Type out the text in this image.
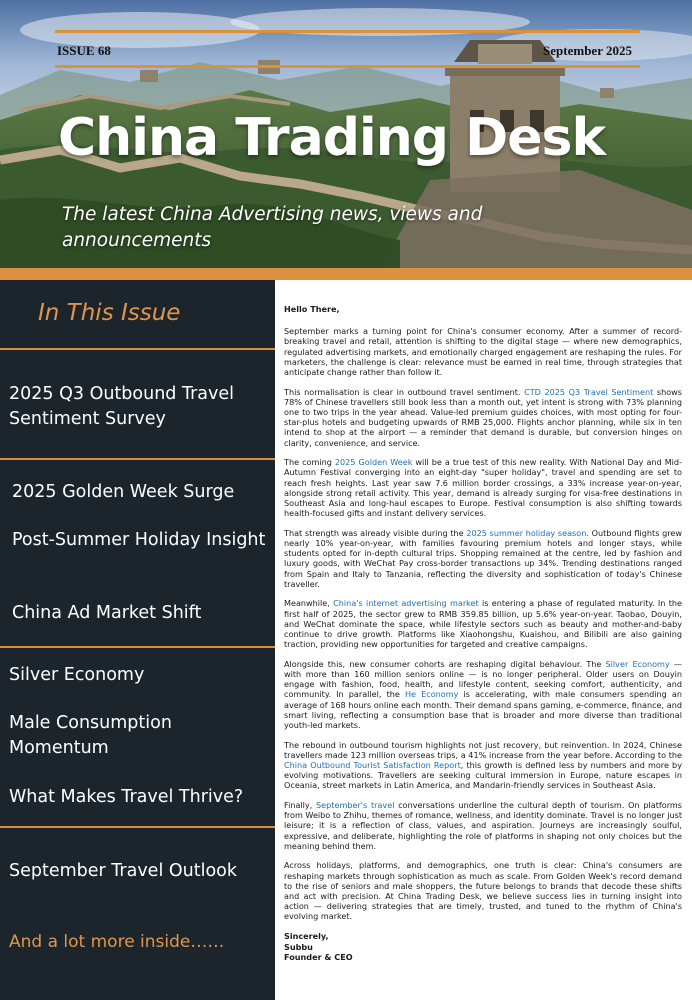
ISSUE 68	September 2025
China Trading Desk
The latest China Advertising news, views and announcements
In This Issue
2025 Q3 Outbound Travel Sentiment Survey
2025 Golden Week Surge
Post-Summer Holiday Insight
China Ad Market Shift
Silver Economy
Male Consumption Momentum
What Makes Travel Thrive?
September Travel Outlook
And a lot more inside……

Hello There,

September marks a turning point for China's consumer economy. After a summer of record-breaking travel and retail, attention is shifting to the digital stage — where new demographics, regulated advertising markets, and emotionally charged engagement are reshaping the rules. For marketers, the challenge is clear: relevance must be earned in real time, through strategies that anticipate change rather than follow it.

This normalisation is clear in outbound travel sentiment. CTD 2025 Q3 Travel Sentiment shows 78% of Chinese travellers still book less than a month out, yet intent is strong with 73% planning one to two trips in the year ahead. Value-led premium guides choices, with most opting for four-star-plus hotels and budgeting upwards of RMB 25,000. Flights anchor planning, while six in ten intend to shop at the airport — a reminder that demand is durable, but conversion hinges on clarity, convenience, and service.

The coming 2025 Golden Week will be a true test of this new reality. With National Day and Mid-Autumn Festival converging into an eight-day "super holiday", travel and spending are set to reach fresh heights. Last year saw 7.6 million border crossings, a 33% increase year-on-year, alongside strong retail activity. This year, demand is already surging for visa-free destinations in Southeast Asia and long-haul escapes to Europe. Festival consumption is also shifting towards health-focused gifts and instant delivery services.

That strength was already visible during the 2025 summer holiday season. Outbound flights grew nearly 10% year-on-year, with families favouring premium hotels and longer stays, while students opted for in-depth cultural trips. Shopping remained at the centre, led by fashion and luxury goods, with WeChat Pay cross-border transactions up 34%. Trending destinations ranged from Spain and Italy to Tanzania, reflecting the diversity and sophistication of today's Chinese traveller.

Meanwhile, China's internet advertising market is entering a phase of regulated maturity. In the first half of 2025, the sector grew to RMB 359.85 billion, up 5.6% year-on-year. Taobao, Douyin, and WeChat dominate the space, while lifestyle sectors such as beauty and mother-and-baby continue to drive growth. Platforms like Xiaohongshu, Kuaishou, and Bilibili are also gaining traction, providing new opportunities for targeted and creative campaigns.

Alongside this, new consumer cohorts are reshaping digital behaviour. The Silver Economy — with more than 160 million seniors online — is no longer peripheral. Older users on Douyin engage with fashion, food, health, and lifestyle content, seeking comfort, authenticity, and community. In parallel, the He Economy is accelerating, with male consumers spending an average of 168 hours online each month. Their demand spans gaming, e-commerce, finance, and smart living, reflecting a consumption base that is broader and more diverse than traditional youth-led markets.

The rebound in outbound tourism highlights not just recovery, but reinvention. In 2024, Chinese travellers made 123 million overseas trips, a 41% increase from the year before. According to the China Outbound Tourist Satisfaction Report, this growth is defined less by numbers and more by evolving motivations. Travellers are seeking cultural immersion in Europe, nature escapes in Oceania, street markets in Latin America, and Mandarin-friendly services in Southeast Asia.

Finally, September's travel conversations underline the cultural depth of tourism. On platforms from Weibo to Zhihu, themes of romance, wellness, and identity dominate. Travel is no longer just leisure; it is a reflection of class, values, and aspiration. Journeys are increasingly soulful, expressive, and deliberate, highlighting the role of platforms in shaping not only choices but the meaning behind them.

Across holidays, platforms, and demographics, one truth is clear: China's consumers are reshaping markets through sophistication as much as scale. From Golden Week's record demand to the rise of seniors and male shoppers, the future belongs to brands that decode these shifts and act with precision. At China Trading Desk, we believe success lies in turning insight into action — delivering strategies that are timely, trusted, and tuned to the rhythm of China's evolving market.

Sincerely,
Subbu
Founder & CEO
